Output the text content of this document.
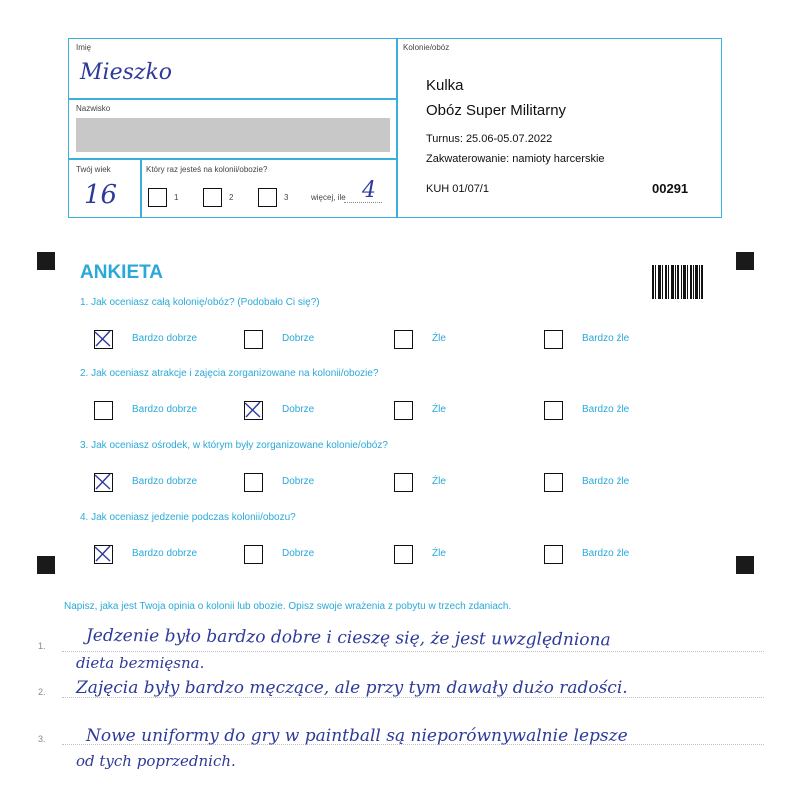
Imię
Mieszko
Nazwisko
Twój wiek
16
Który raz jesteś na kolonii/obozie?
1	2	3	więcej, ile 4
Kolonie/obóz
Kulka
Obóz Super Militarny
Turnus: 25.06-05.07.2022
Zakwaterowanie: namioty harcerskie
KUH 01/07/1	00291
ANKIETA
1. Jak oceniasz całą kolonię/obóz? (Podobało Ci się?)
Bardzo dobrze	Dobrze	Źle	Bardzo źle
2. Jak oceniasz atrakcje i zajęcia zorganizowane na kolonii/obozie?
Bardzo dobrze	Dobrze	Źle	Bardzo źle
3. Jak oceniasz ośrodek, w którym były zorganizowane kolonie/obóz?
Bardzo dobrze	Dobrze	Źle	Bardzo źle
4. Jak oceniasz jedzenie podczas kolonii/obozu?
Bardzo dobrze	Dobrze	Źle	Bardzo źle
Napisz, jaka jest Twoja opinia o kolonii lub obozie. Opisz swoje wrażenia z pobytu w trzech zdaniach.
1.
2.
3.
Jedzenie było bardzo dobre i cieszę się, że jest uwzględniona
dieta bezmięsna.
Zajęcia były bardzo męczące, ale przy tym dawały dużo radości.
Nowe uniformy do gry w paintball są nieporównywalnie lepsze
od tych poprzednich.
